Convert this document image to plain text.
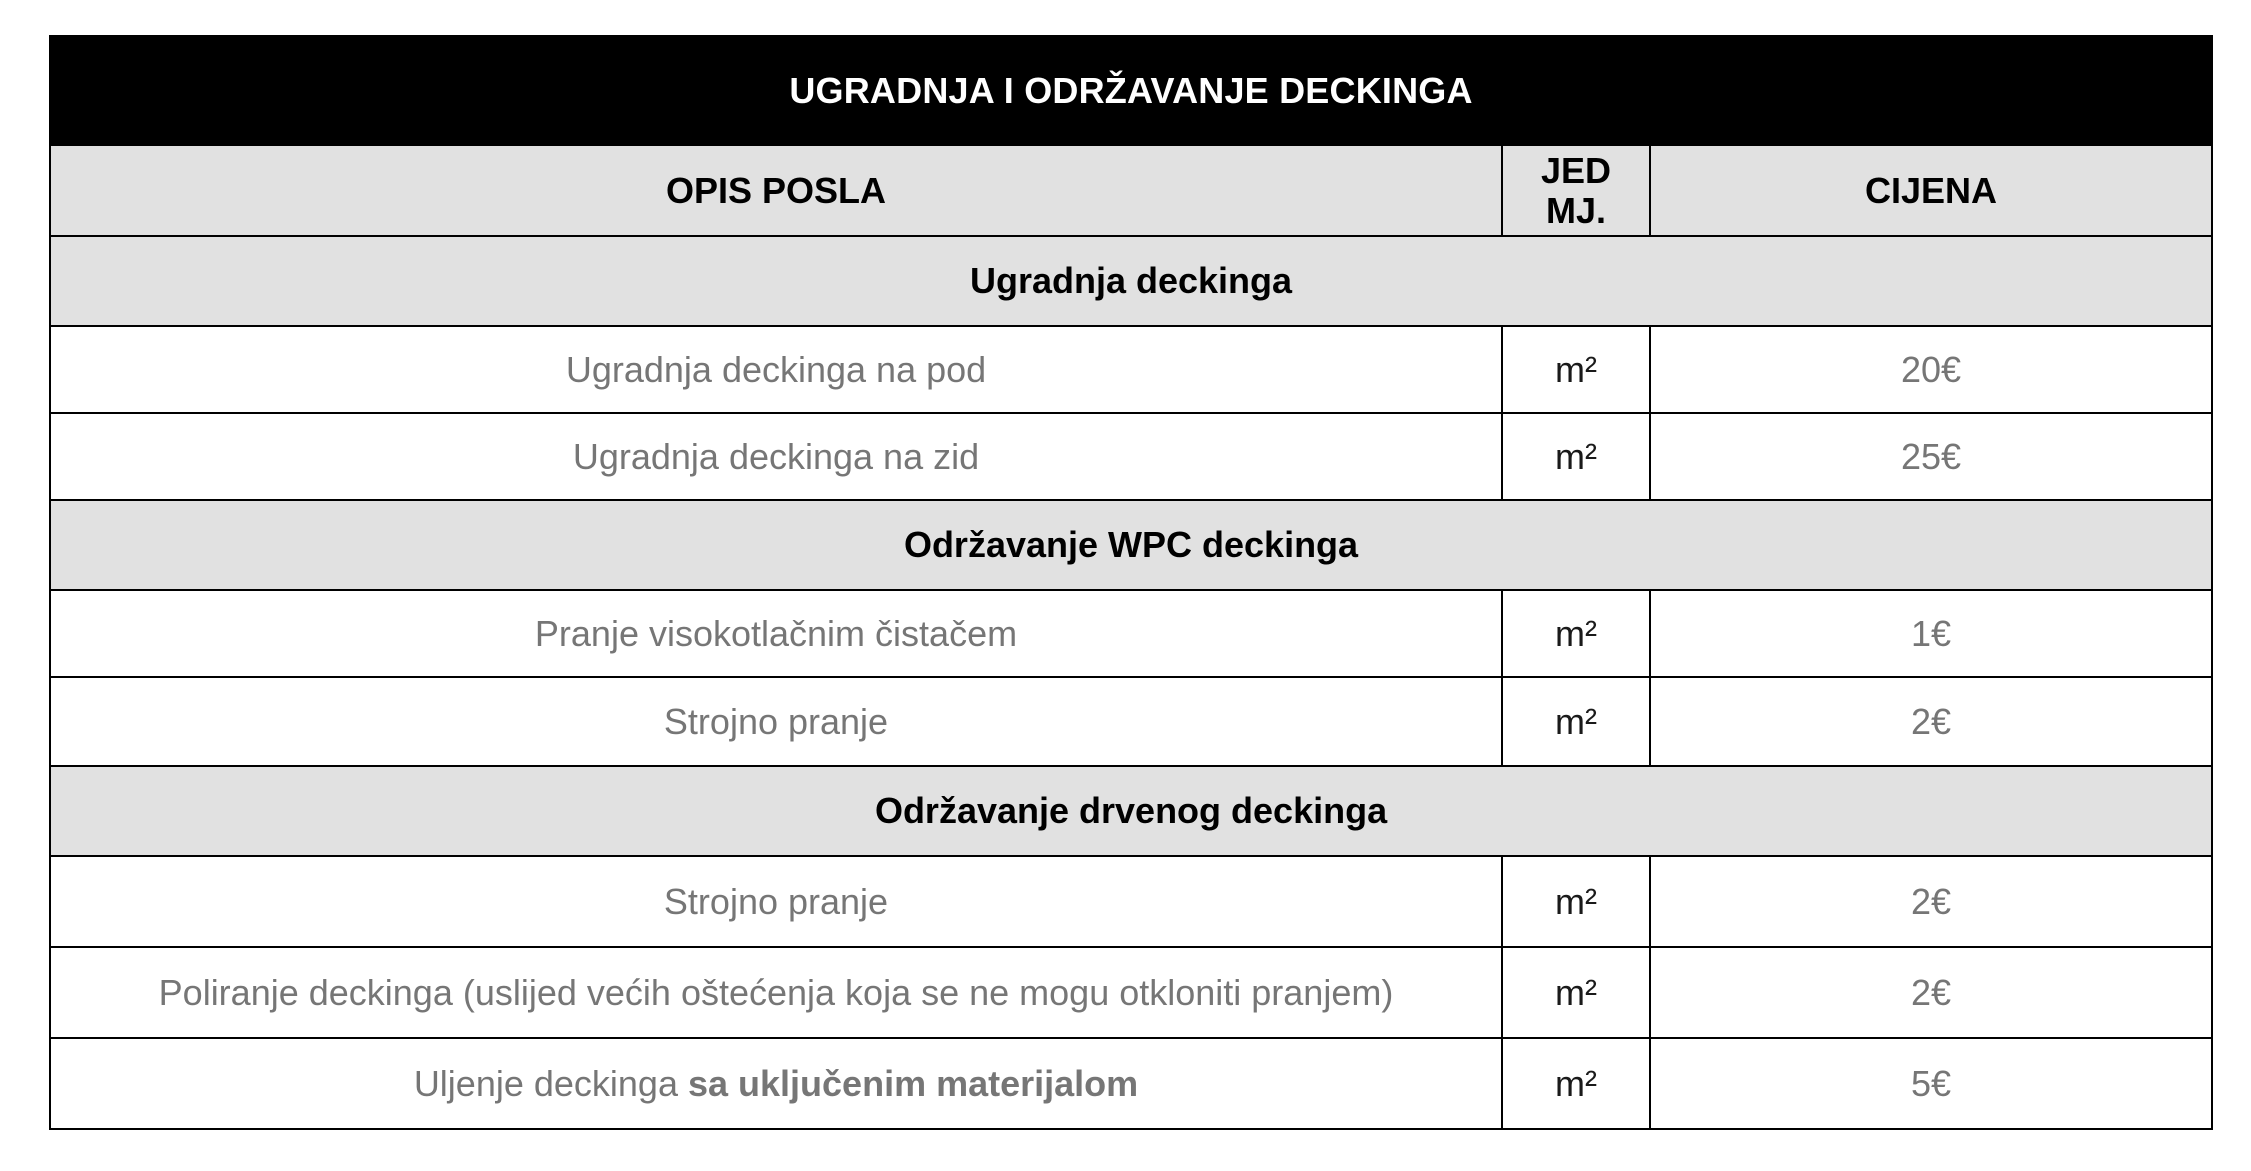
UGRADNJA I ODRŽAVANJE DECKINGA		
OPIS POSLA	JED MJ.	CIJENA
Ugradnja deckinga		
Ugradnja deckinga na pod	m²	20€
Ugradnja deckinga na zid	m²	25€
Održavanje WPC deckinga		
Pranje visokotlačnim čistačem	m²	1€
Strojno pranje	m²	2€
Održavanje drvenog deckinga		
Strojno pranje	m²	2€
Poliranje deckinga (uslijed većih oštećenja koja se ne mogu otkloniti pranjem)	m²	2€
Uljenje deckinga sa uključenim materijalom	m²	5€
